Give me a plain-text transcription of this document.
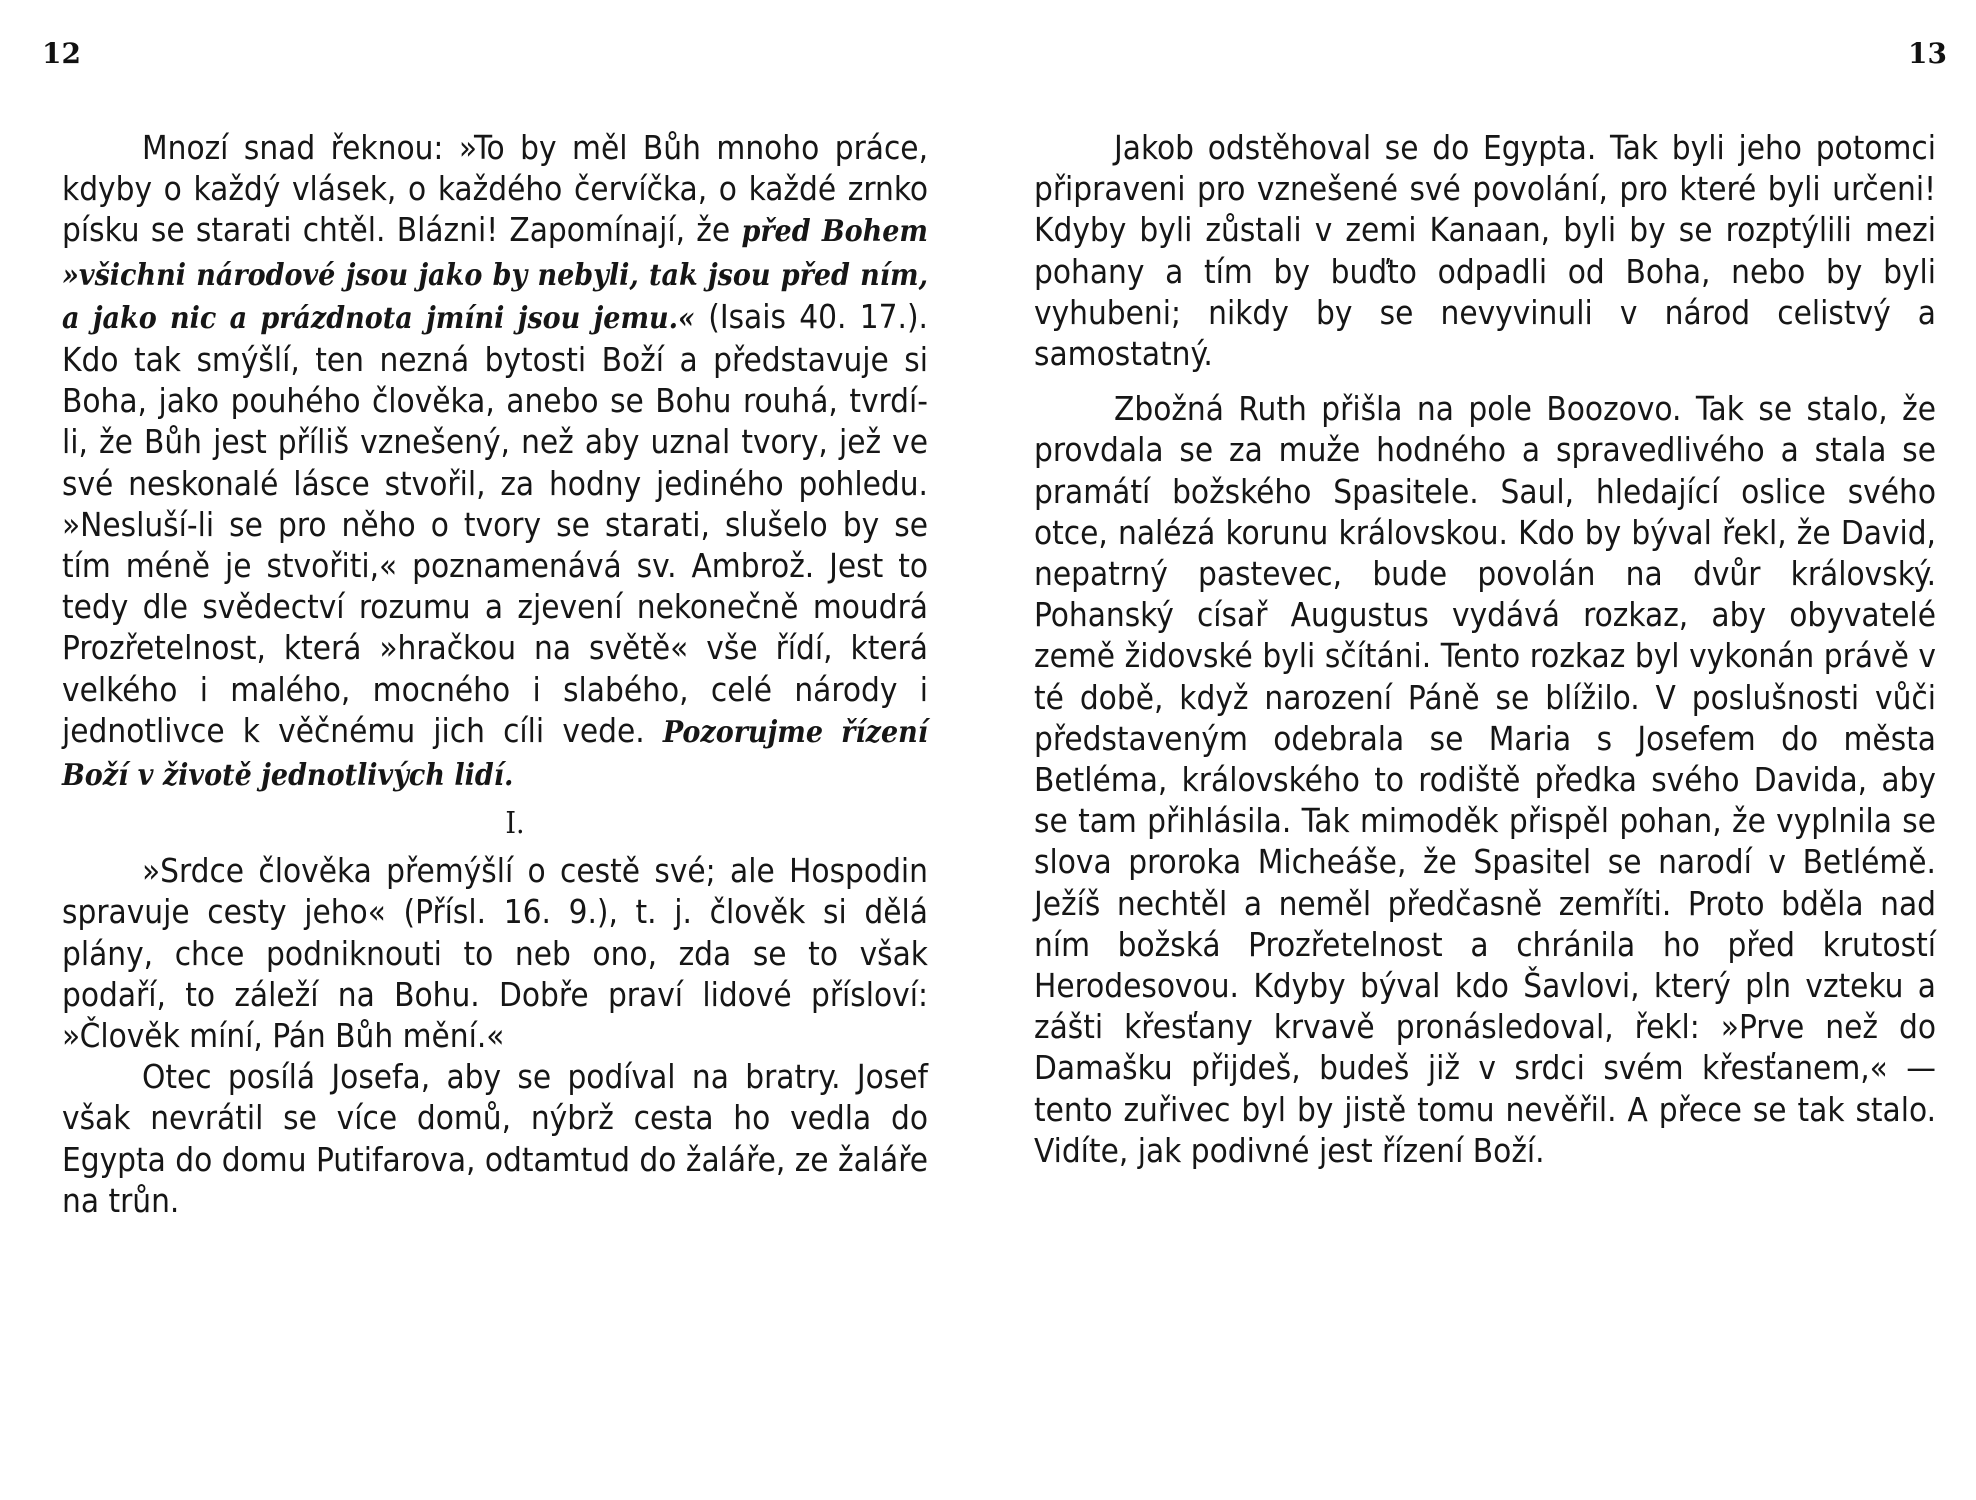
12

Mnozí snad řeknou: »To by měl Bůh mnoho práce, kdyby o každý vlásek, o každého červíčka, o každé zrnko písku se starati chtěl. Blázni! Zapomínají, že před Bohem »všichni národové jsou jako by nebyli, tak jsou před ním, a jako nic a prázdnota jmíni jsou jemu.« (Isais 40. 17.). Kdo tak smýšlí, ten nezná bytosti Boží a představuje si Boha, jako pouhého člověka, anebo se Bohu rouhá, tvrdí-li, že Bůh jest příliš vznešený, než aby uznal tvory, jež ve své neskonalé lásce stvořil, za hodny jediného pohledu. »Nesluší-li se pro něho o tvory se starati, slušelo by se tím méně je stvořiti,« poznamenává sv. Ambrož. Jest to tedy dle svědectví rozumu a zjevení nekonečně moudrá Prozřetelnost, která »hračkou na světě« vše řídí, která velkého i malého, mocného i slabého, celé národy i jednotlivce k věčnému jich cíli vede. Pozorujme řízení Boží v životě jednotlivých lidí.

I.

»Srdce člověka přemýšlí o cestě své; ale Hospodin spravuje cesty jeho« (Přísl. 16. 9.), t. j. člověk si dělá plány, chce podniknouti to neb ono, zda se to však podaří, to záleží na Bohu. Dobře praví lidové přísloví: »Člověk míní, Pán Bůh mění.«

Otec posílá Josefa, aby se podíval na bratry. Josef však nevrátil se více domů, nýbrž cesta ho vedla do Egypta do domu Putifarova, odtamtud do žaláře, ze žaláře na trůn.

13

Jakob odstěhoval se do Egypta. Tak byli jeho potomci připraveni pro vznešené své povolání, pro které byli určeni! Kdyby byli zůstali v zemi Kanaan, byli by se rozptýlili mezi pohany a tím by buďto odpadli od Boha, nebo by byli vyhubeni; nikdy by se nevyvinuli v národ celistvý a samostatný.

Zbožná Ruth přišla na pole Boozovo. Tak se stalo, že provdala se za muže hodného a spravedlivého a stala se pramátí božského Spasitele. Saul, hledající oslice svého otce, nalézá korunu královskou. Kdo by býval řekl, že David, nepatrný pastevec, bude povolán na dvůr královský. Pohanský císař Augustus vydává rozkaz, aby obyvatelé země židovské byli sčítáni. Tento rozkaz byl vykonán právě v té době, když narození Páně se blížilo. V poslušnosti vůči představeným odebrala se Maria s Josefem do města Betléma, královského to rodiště předka svého Davida, aby se tam přihlásila. Tak mimoděk přispěl pohan, že vyplnila se slova proroka Micheáše, že Spasitel se narodí v Betlémě. Ježíš nechtěl a neměl předčasně zemříti. Proto bděla nad ním božská Prozřetelnost a chránila ho před krutostí Herodesovou. Kdyby býval kdo Šavlovi, který pln vzteku a zášti křesťany krvavě pronásledoval, řekl: »Prve než do Damašku přijdeš, budeš již v srdci svém křesťanem,« — tento zuřivec byl by jistě tomu nevěřil. A přece se tak stalo. Vidíte, jak podivné jest řízení Boží.
